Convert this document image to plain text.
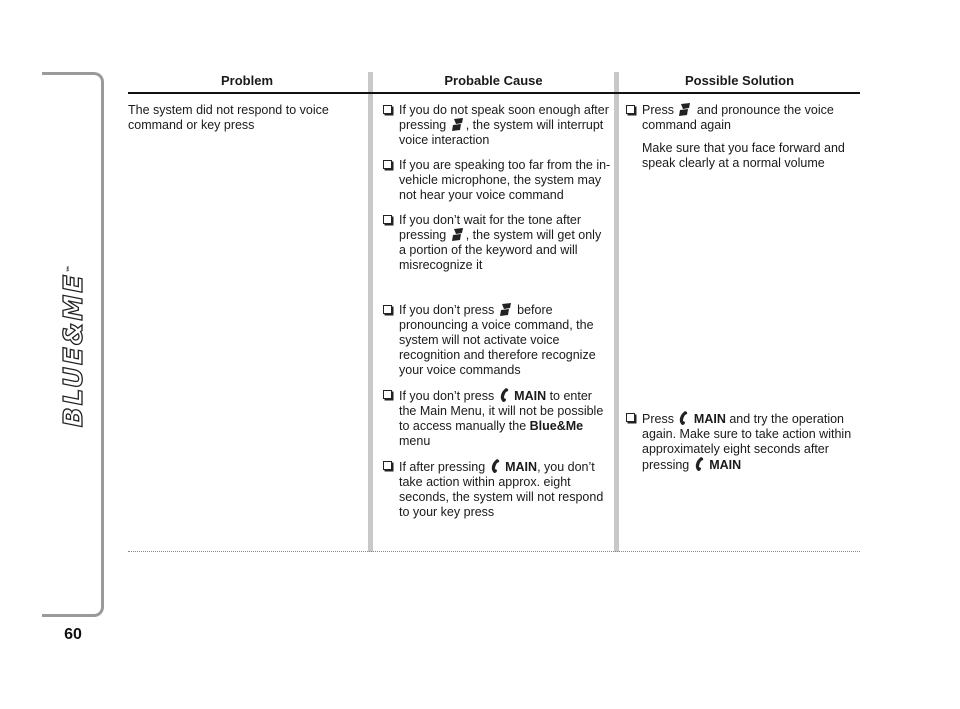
BLUE&ME™
60
Problem	Probable Cause	Possible Solution
The system did not respond to voice command or key press
If you do not speak soon enough after pressing , the system will interrupt voice interaction
If you are speaking too far from the in-vehicle microphone, the system may not hear your voice command
If you don’t wait for the tone after pressing , the system will get only a portion of the keyword and will misrecognize it
If you don’t press  before pronouncing a voice command, the system will not activate voice recognition and therefore recognize your voice commands
If you don’t press  MAIN to enter the Main Menu, it will not be possible to access manually the Blue&Me menu
If after pressing  MAIN, you don’t take action within approx. eight seconds, the system will not respond to your key press
Press  and pronounce the voice command again
Make sure that you face forward and speak clearly at a normal volume
Press  MAIN and try the operation again. Make sure to take action within approximately eight seconds after pressing  MAIN
